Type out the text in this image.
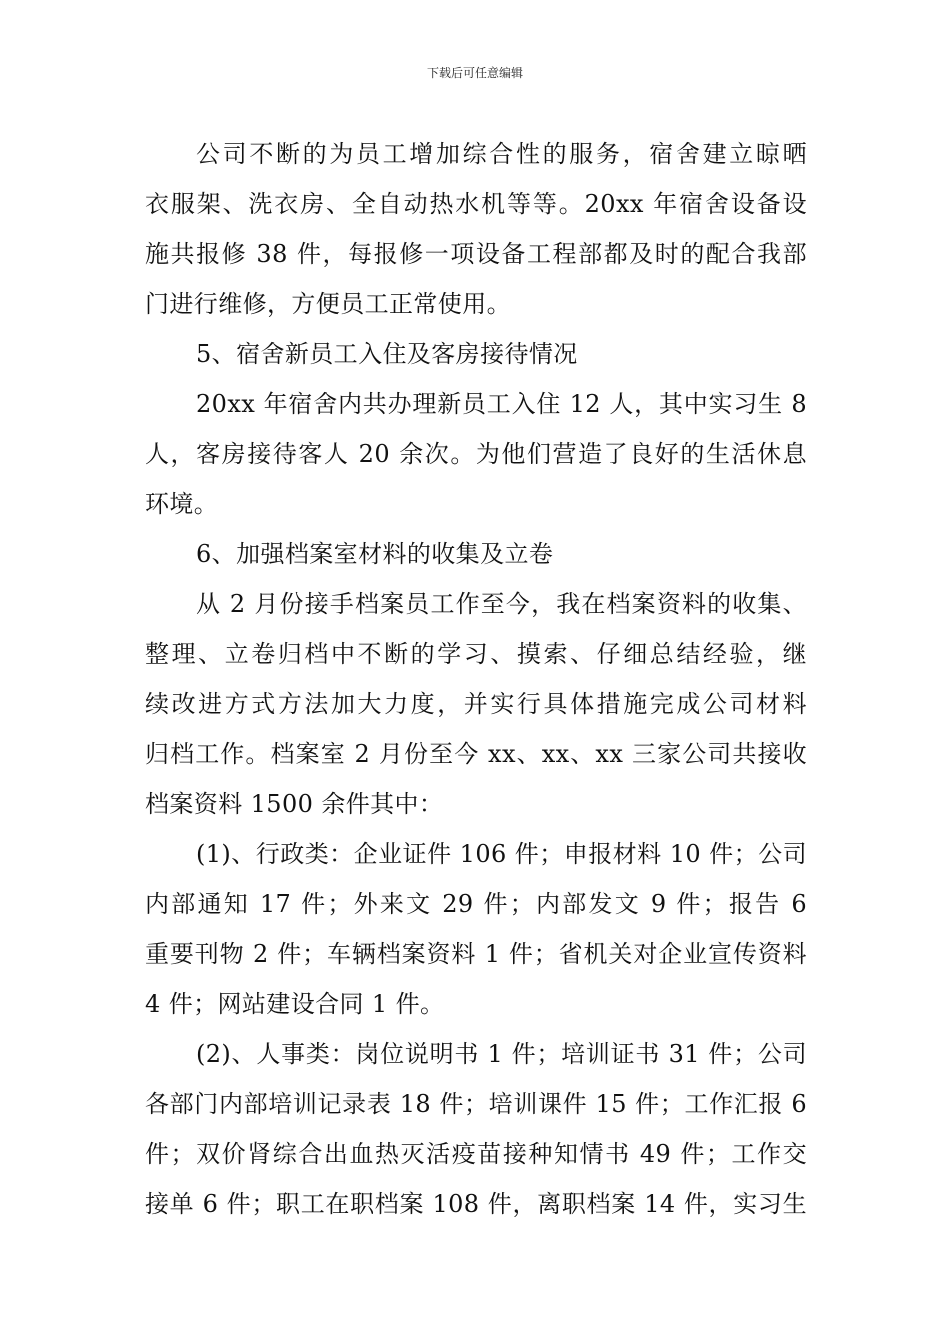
下载后可任意编辑
公司不断的为员工增加综合性的服务，宿舍建立晾晒
衣服架、洗衣房、全自动热水机等等。20xx 年宿舍设备设
施共报修 38 件，每报修一项设备工程部都及时的配合我部
门进行维修，方便员工正常使用。
5、宿舍新员工入住及客房接待情况
20xx 年宿舍内共办理新员工入住 12 人，其中实习生 8
人，客房接待客人 20 余次。为他们营造了良好的生活休息
环境。
6、加强档案室材料的收集及立卷
从 2 月份接手档案员工作至今，我在档案资料的收集、
整理、立卷归档中不断的学习、摸索、仔细总结经验，继
续改进方式方法加大力度，并实行具体措施完成公司材料
归档工作。档案室 2 月份至今 xx、xx、xx 三家公司共接收
档案资料 1500 余件其中：
(1)、行政类：企业证件 106 件；申报材料 10 件；公司
内部通知 17 件；外来文 29 件；内部发文 9 件；报告 6
重要刊物 2 件；车辆档案资料 1 件；省机关对企业宣传资料
4 件；网站建设合同 1 件。
(2)、人事类：岗位说明书 1 件；培训证书 31 件；公司
各部门内部培训记录表 18 件；培训课件 15 件；工作汇报 6
件；双价肾综合出血热灭活疫苗接种知情书 49 件；工作交
接单 6 件；职工在职档案 108 件，离职档案 14 件，实习生
